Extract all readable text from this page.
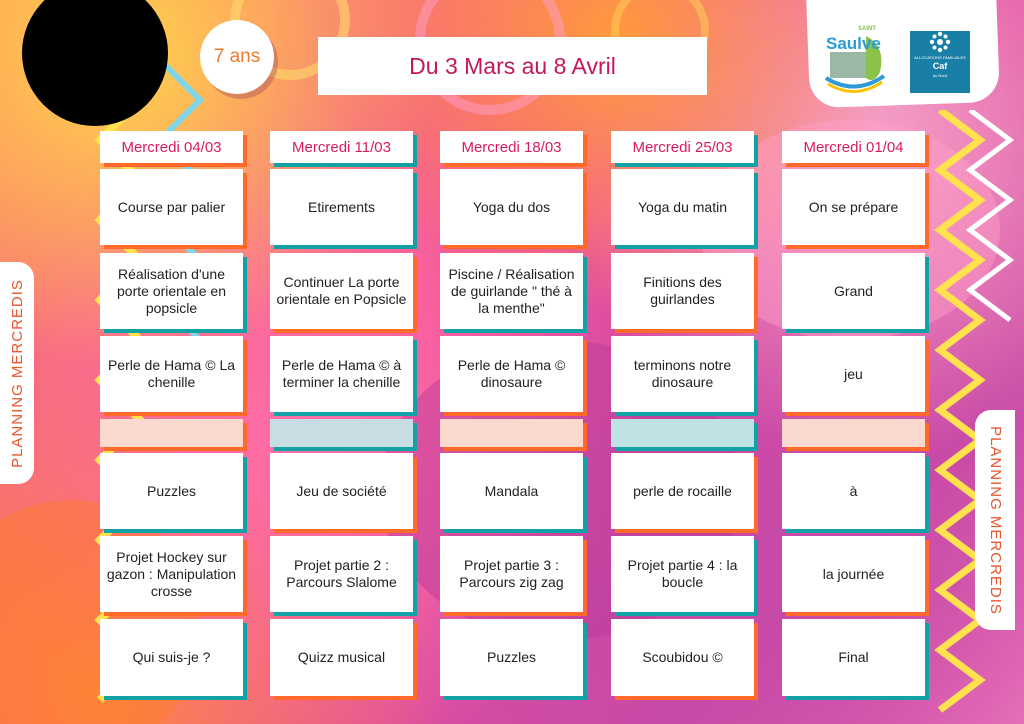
7 ans	Du 3 Mars au 8 Avril
SAINT
Saulve
ALLOCATIONS FAMILIALES
Caf
du Nord
PLANNING MERCREDIS
PLANNING MERCREDIS
Mercredi 04/03
Course par palier
Réalisation d'une porte orientale en popsicle
Perle de Hama © La chenille
Puzzles
Projet Hockey sur gazon : Manipulation crosse
Qui suis-je ?
Mercredi 11/03
Etirements
Continuer La porte orientale en Popsicle
Perle de Hama © à terminer la chenille
Jeu de société
Projet partie 2 : Parcours Slalome
Quizz musical
Mercredi 18/03
Yoga du dos
Piscine / Réalisation de guirlande " thé à la menthe"
Perle de Hama © dinosaure
Mandala
Projet partie 3 : Parcours zig zag
Puzzles
Mercredi 25/03
Yoga du matin
Finitions des guirlandes
terminons notre dinosaure
perle de rocaille
Projet partie 4 : la boucle
Scoubidou ©
Mercredi 01/04
On se prépare
Grand
jeu
à
la journée
Final
